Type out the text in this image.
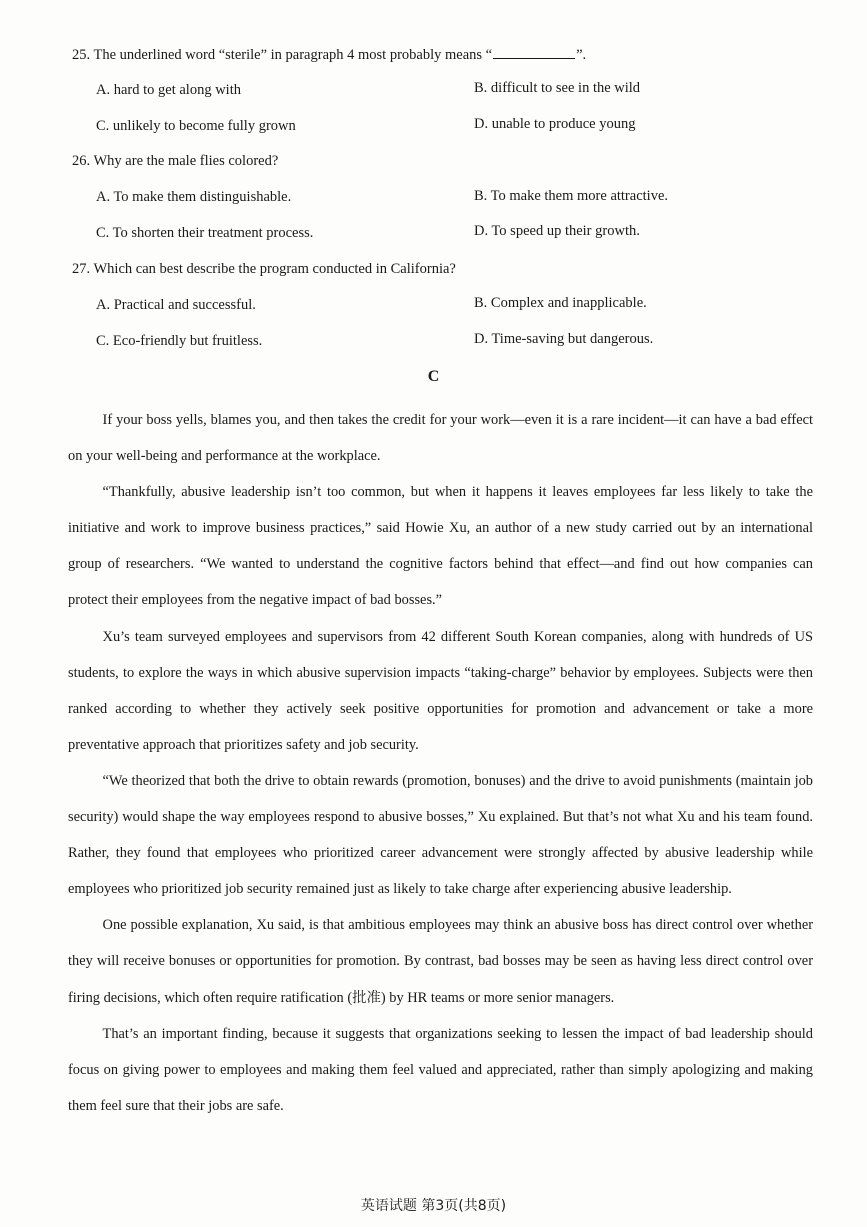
25. The underlined word “sterile” in paragraph 4 most probably means “	”.
A. hard to get along with	B. difficult to see in the wild
C. unlikely to become fully grown	D. unable to produce young
26. Why are the male flies colored?
A. To make them distinguishable.	B. To make them more attractive.
C. To shorten their treatment process.	D. To speed up their growth.
27. Which can best describe the program conducted in California?
A. Practical and successful.	B. Complex and inapplicable.
C. Eco-friendly but fruitless.	D. Time-saving but dangerous.
C

If your boss yells, blames you, and then takes the credit for your work—even it is a rare incident—it can have a bad effect on your well-being and performance at the workplace.

“Thankfully, abusive leadership isn’t too common, but when it happens it leaves employees far less likely to take the initiative and work to improve business practices,” said Howie Xu, an author of a new study carried out by an international group of researchers. “We wanted to understand the cognitive factors behind that effect—and find out how companies can protect their employees from the negative impact of bad bosses.”

Xu’s team surveyed employees and supervisors from 42 different South Korean companies, along with hundreds of US students, to explore the ways in which abusive supervision impacts “taking-charge” behavior by employees. Subjects were then ranked according to whether they actively seek positive opportunities for promotion and advancement or take a more preventative approach that prioritizes safety and job security.

“We theorized that both the drive to obtain rewards (promotion, bonuses) and the drive to avoid punishments (maintain job security) would shape the way employees respond to abusive bosses,” Xu explained. But that’s not what Xu and his team found. Rather, they found that employees who prioritized career advancement were strongly affected by abusive leadership while employees who prioritized job security remained just as likely to take charge after experiencing abusive leadership.

One possible explanation, Xu said, is that ambitious employees may think an abusive boss has direct control over whether they will receive bonuses or opportunities for promotion. By contrast, bad bosses may be seen as having less direct control over firing decisions, which often require ratification (批准) by HR teams or more senior managers.

That’s an important finding, because it suggests that organizations seeking to lessen the impact of bad leadership should focus on giving power to employees and making them feel valued and appreciated, rather than simply apologizing and making them feel sure that their jobs are safe.

英语试题 第3页(共8页)
